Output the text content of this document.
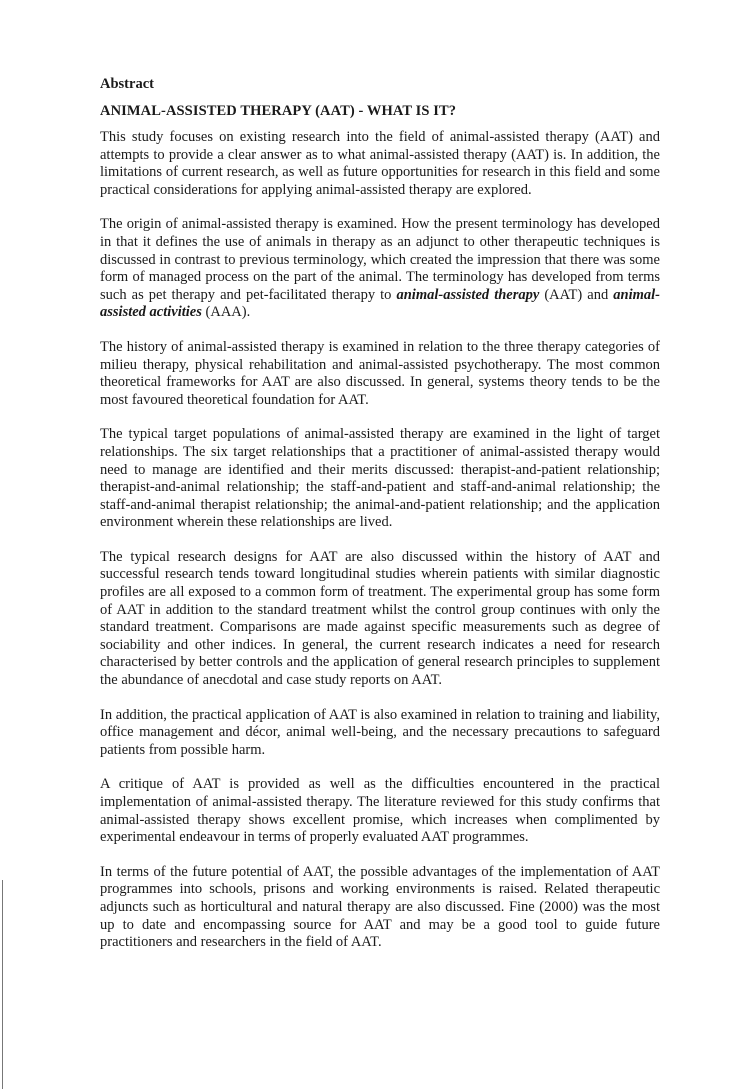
Abstract
ANIMAL-ASSISTED THERAPY (AAT) - WHAT IS IT?

This study focuses on existing research into the field of animal-assisted therapy (AAT) and attempts to provide a clear answer as to what animal-assisted therapy (AAT) is. In addition, the limitations of current research, as well as future opportunities for research in this field and some practical considerations for applying animal-assisted therapy are explored.

The origin of animal-assisted therapy is examined. How the present terminology has developed in that it defines the use of animals in therapy as an adjunct to other therapeutic techniques is discussed in contrast to previous terminology, which created the impression that there was some form of managed process on the part of the animal. The terminology has developed from terms such as pet therapy and pet-facilitated therapy to animal-assisted therapy (AAT) and animal-assisted activities (AAA).

The history of animal-assisted therapy is examined in relation to the three therapy categories of milieu therapy, physical rehabilitation and animal-assisted psychotherapy. The most common theoretical frameworks for AAT are also discussed. In general, systems theory tends to be the most favoured theoretical foundation for AAT.

The typical target populations of animal-assisted therapy are examined in the light of target relationships. The six target relationships that a practitioner of animal-assisted therapy would need to manage are identified and their merits discussed: therapist-and-patient relationship; therapist-and-animal relationship; the staff-and-patient and staff-and-animal relationship; the staff-and-animal therapist relationship; the animal-and-patient relationship; and the application environment wherein these relationships are lived.

The typical research designs for AAT are also discussed within the history of AAT and successful research tends toward longitudinal studies wherein patients with similar diagnostic profiles are all exposed to a common form of treatment. The experimental group has some form of AAT in addition to the standard treatment whilst the control group continues with only the standard treatment. Comparisons are made against specific measurements such as degree of sociability and other indices. In general, the current research indicates a need for research characterised by better controls and the application of general research principles to supplement the abundance of anecdotal and case study reports on AAT.

In addition, the practical application of AAT is also examined in relation to training and liability, office management and décor, animal well-being, and the necessary precautions to safeguard patients from possible harm.

A critique of AAT is provided as well as the difficulties encountered in the practical implementation of animal-assisted therapy. The literature reviewed for this study confirms that animal-assisted therapy shows excellent promise, which increases when complimented by experimental endeavour in terms of properly evaluated AAT programmes.

In terms of the future potential of AAT, the possible advantages of the implementation of AAT programmes into schools, prisons and working environments is raised. Related therapeutic adjuncts such as horticultural and natural therapy are also discussed. Fine (2000) was the most up to date and encompassing source for AAT and may be a good tool to guide future practitioners and researchers in the field of AAT.
